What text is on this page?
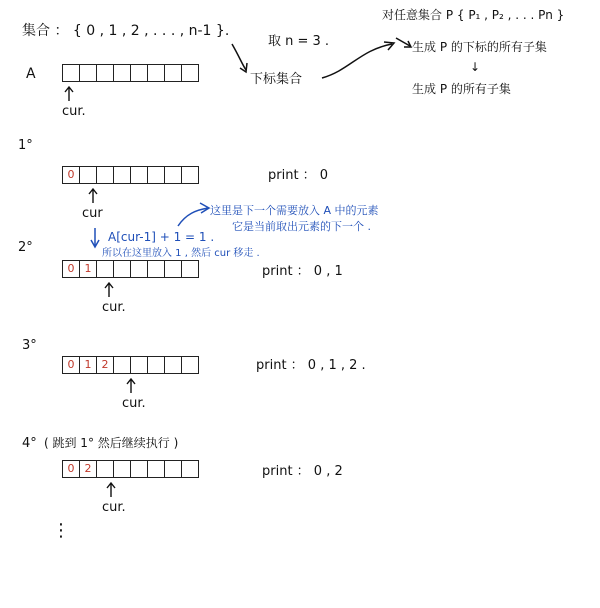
集合 ： { 0 , 1 , 2 , . . . , n-1 }.
取 n = 3 .
对任意集合 P { P₁ , P₂ , . . . Pn }
生成 P 的下标的所有子集
↓
生成 P 的所有子集
下标集合
A
cur.
1°
0
cur
print ： 0
A[cur-1] + 1 = 1 .
所以在这里放入 1 , 然后 cur 移走 .
这里是下一个需要放入 A 中的元素
它是当前取出元素的下一个 .
2°
0 1
cur.
print ： 0 , 1
3°
0 1 2
cur.
print ： 0 , 1 , 2 .
4° ( 跳到 1° 然后继续执行 )
0 2
cur.
print ： 0 , 2
⋮
